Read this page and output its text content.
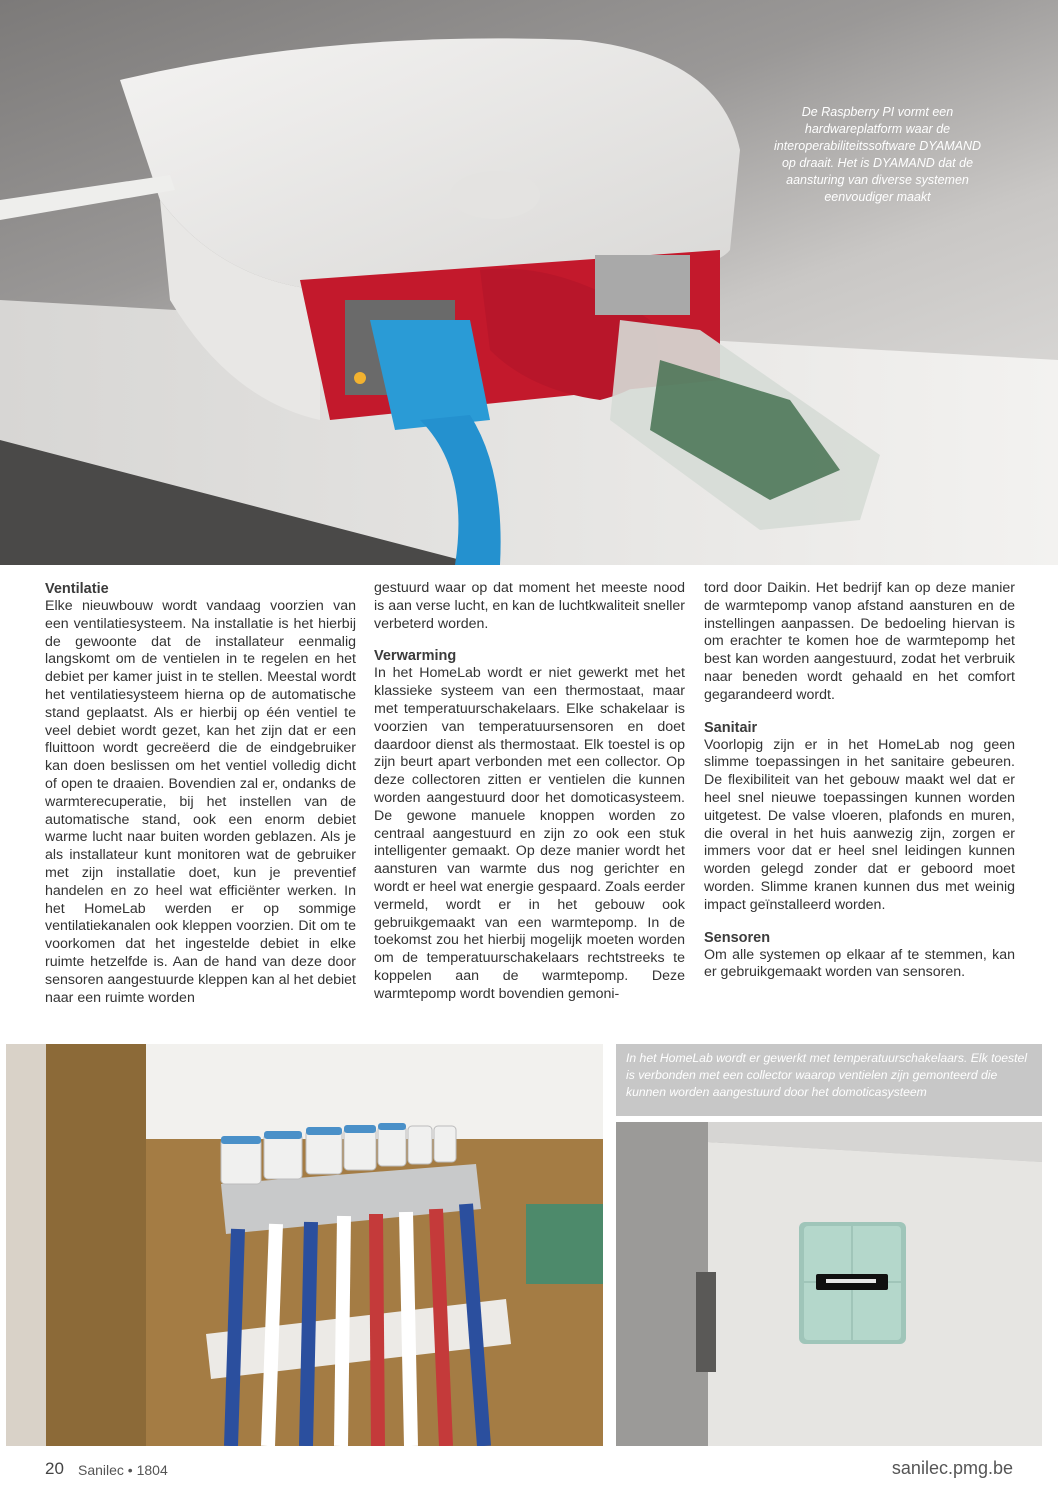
De Raspberry PI vormt een hardwareplatform waar de interoperabiliteitssoftware DYAMAND op draait. Het is DYAMAND dat de aansturing van diverse systemen eenvoudiger maakt
Ventilatie

Elke nieuwbouw wordt vandaag voorzien van een ventilatiesysteem. Na installatie is het hierbij de gewoonte dat de installateur eenmalig langskomt om de ventielen in te regelen en het debiet per kamer juist in te stellen. Meestal wordt het ventilatiesysteem hierna op de automatische stand geplaatst. Als er hierbij op één ventiel te veel debiet wordt gezet, kan het zijn dat er een fluittoon wordt gecreëerd die de eindgebruiker kan doen beslissen om het ventiel volledig dicht of open te draaien. Bovendien zal er, ondanks de warmterecuperatie, bij het instellen van de automatische stand, ook een enorm debiet warme lucht naar buiten worden geblazen. Als je als installateur kunt monitoren wat de gebruiker met zijn installatie doet, kun je preventief handelen en zo heel wat efficiënter werken. In het HomeLab werden er op sommige ventilatiekanalen ook kleppen voorzien. Dit om te voorkomen dat het ingestelde debiet in elke ruimte hetzelfde is. Aan de hand van deze door sensoren aangestuurde kleppen kan al het debiet naar een ruimte worden

gestuurd waar op dat moment het meeste nood is aan verse lucht, en kan de luchtkwaliteit sneller verbeterd worden.

Verwarming

In het HomeLab wordt er niet gewerkt met het klassieke systeem van een thermostaat, maar met temperatuurschakelaars. Elke schakelaar is voorzien van temperatuursensoren en doet daardoor dienst als thermostaat. Elk toestel is op zijn beurt apart verbonden met een collector. Op deze collectoren zitten er ventielen die kunnen worden aangestuurd door het domoticasysteem. De gewone manuele knoppen worden zo centraal aangestuurd en zijn zo ook een stuk intelligenter gemaakt. Op deze manier wordt het aansturen van warmte dus nog gerichter en wordt er heel wat energie gespaard. Zoals eerder vermeld, wordt er in het gebouw ook gebruikgemaakt van een warmtepomp. In de toekomst zou het hierbij mogelijk moeten worden om de temperatuurschakelaars rechtstreeks te koppelen aan de warmtepomp. Deze warmtepomp wordt bovendien gemoni-

tord door Daikin. Het bedrijf kan op deze manier de warmtepomp vanop afstand aansturen en de instellingen aanpassen. De bedoeling hiervan is om erachter te komen hoe de warmtepomp het best kan worden aangestuurd, zodat het verbruik naar beneden wordt gehaald en het comfort gegarandeerd wordt.

Sanitair

Voorlopig zijn er in het HomeLab nog geen slimme toepassingen in het sanitaire gebeuren. De flexibiliteit van het gebouw maakt wel dat er heel snel nieuwe toepassingen kunnen worden uitgetest. De valse vloeren, plafonds en muren, die overal in het huis aanwezig zijn, zorgen er immers voor dat er heel snel leidingen kunnen worden gelegd zonder dat er geboord moet worden. Slimme kranen kunnen dus met weinig impact geïnstalleerd worden.

Sensoren

Om alle systemen op elkaar af te stemmen, kan er gebruikgemaakt worden van sensoren.

In het HomeLab wordt er gewerkt met temperatuurschakelaars. Elk toestel is verbonden met een collector waarop ventielen zijn gemonteerd die kunnen worden aangestuurd door het domoticasysteem
20 Sanilec • 1804	sanilec.pmg.be
